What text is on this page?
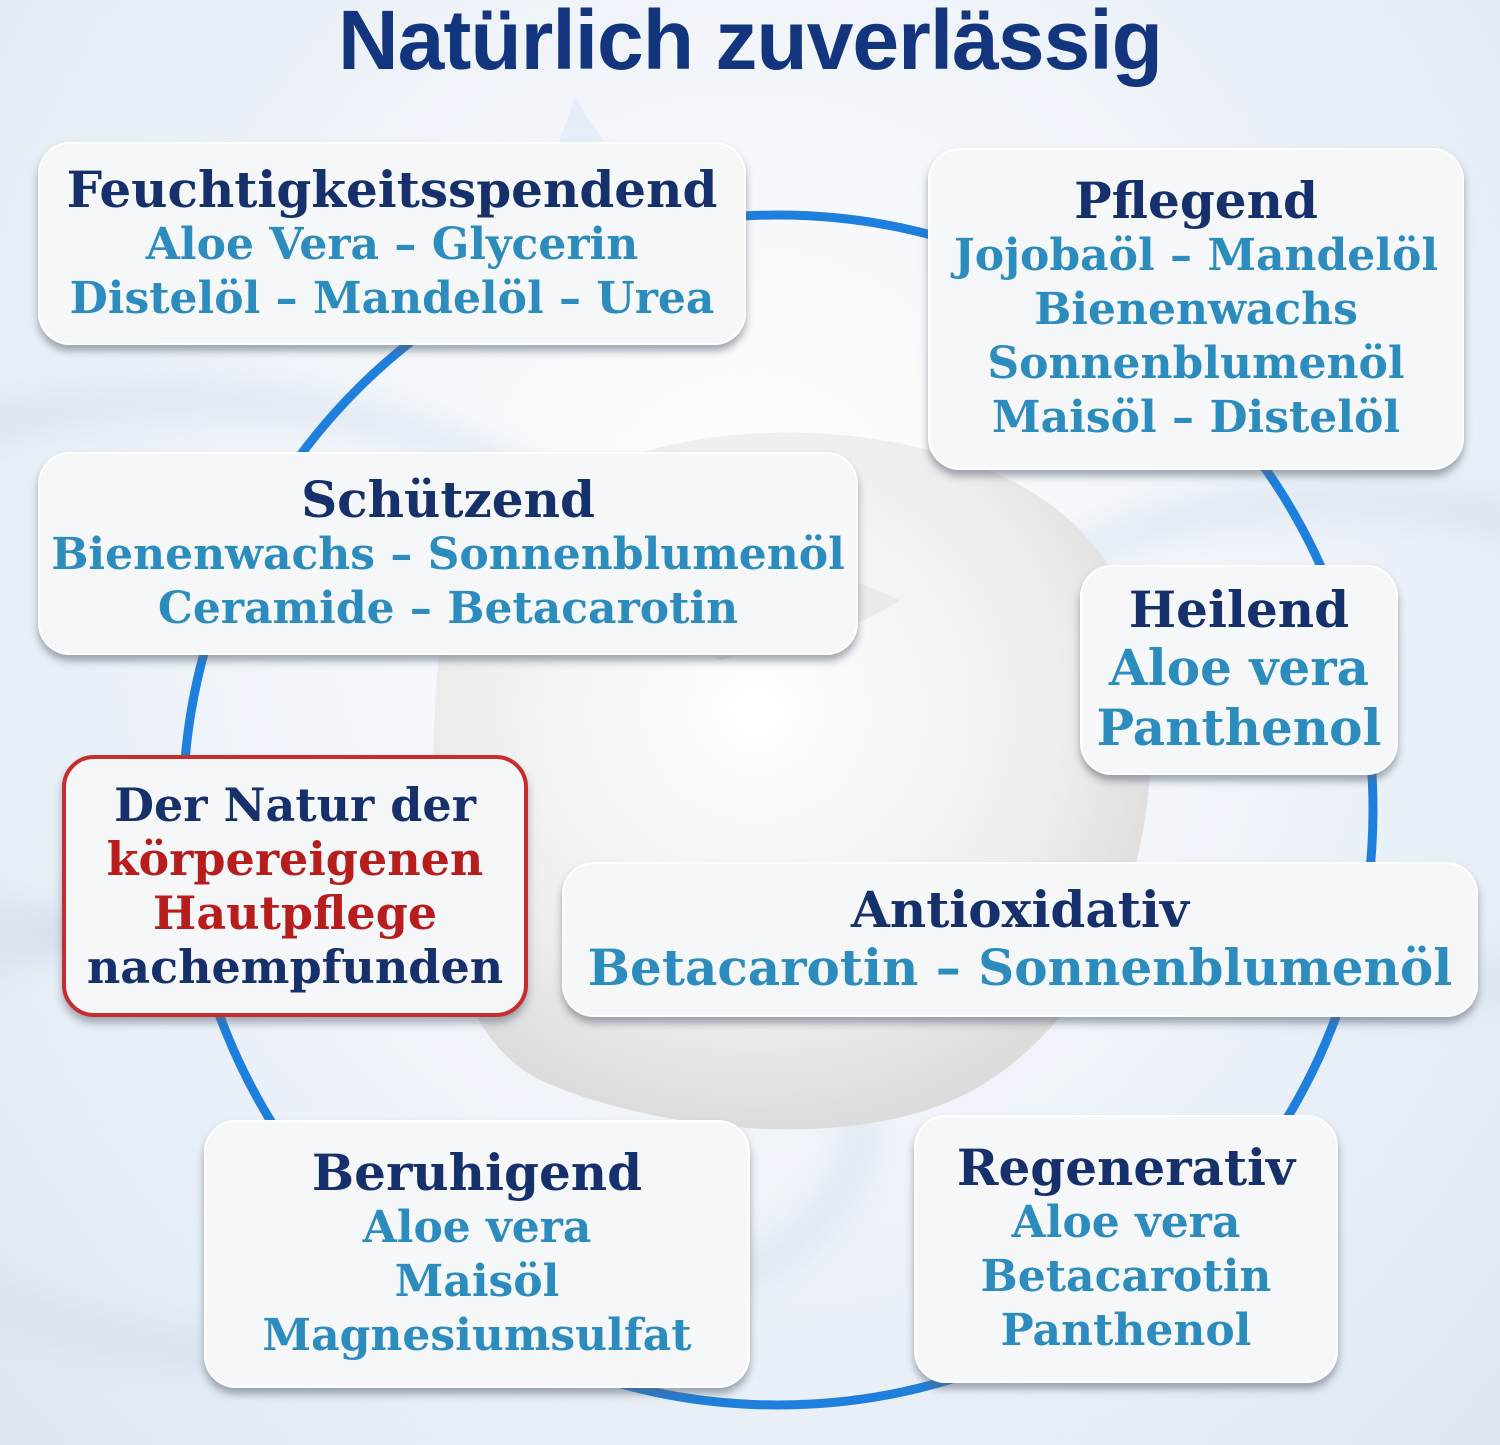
Natürlich zuverlässig
Feuchtigkeitsspendend
Aloe Vera – Glycerin
Distelöl – Mandelöl – Urea
Pflegend
Jojobaöl – Mandelöl
Bienenwachs
Sonnenblumenöl
Maisöl – Distelöl
Schützend
Bienenwachs – Sonnenblumenöl
Ceramide – Betacarotin	Heilend
Aloe vera
Panthenol
Der Natur der
körpereigenen
Hautpflege
nachempfunden
Antioxidativ
Betacarotin – Sonnenblumenöl
Beruhigend
Aloe vera
Maisöl
Magnesiumsulfat
Regenerativ
Aloe vera
Betacarotin
Panthenol
